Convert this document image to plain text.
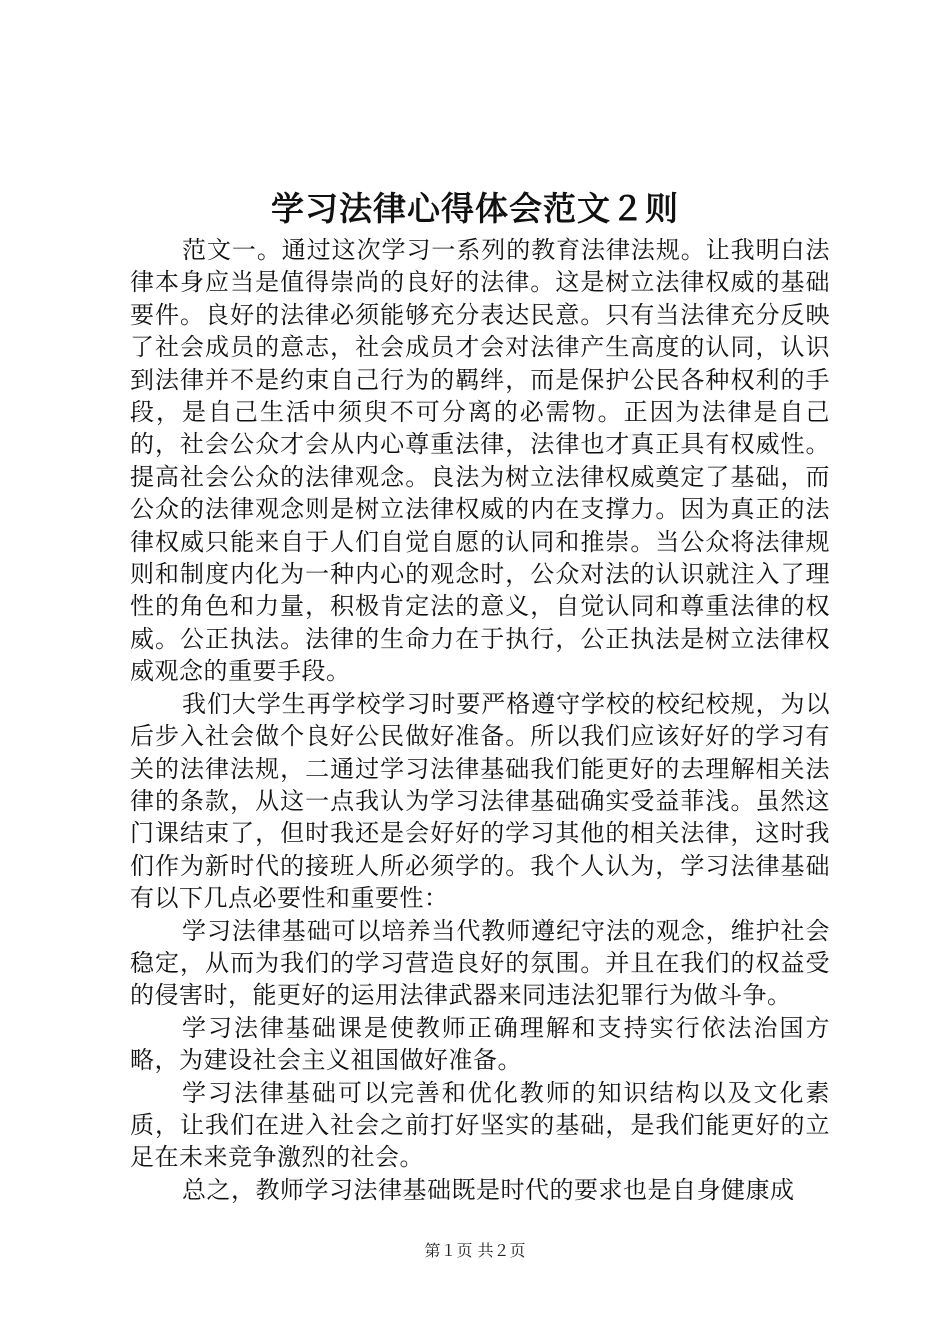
学习法律心得体会范文２则

范文一。通过这次学习一系列的教育法律法规。让我明白法律本身应当是值得崇尚的良好的法律。这是树立法律权威的基础要件。良好的法律必须能够充分表达民意。只有当法律充分反映了社会成员的意志，社会成员才会对法律产生高度的认同，认识到法律并不是约束自己行为的羁绊，而是保护公民各种权利的手段，是自己生活中须臾不可分离的必需物。正因为法律是自己的，社会公众才会从内心尊重法律，法律也才真正具有权威性。提高社会公众的法律观念。良法为树立法律权威奠定了基础，而公众的法律观念则是树立法律权威的内在支撑力。因为真正的法律权威只能来自于人们自觉自愿的认同和推崇。当公众将法律规则和制度内化为一种内心的观念时，公众对法的认识就注入了理性的角色和力量，积极肯定法的意义，自觉认同和尊重法律的权威。公正执法。法律的生命力在于执行，公正执法是树立法律权威观念的重要手段。

我们大学生再学校学习时要严格遵守学校的校纪校规，为以后步入社会做个良好公民做好准备。所以我们应该好好的学习有关的法律法规，二通过学习法律基础我们能更好的去理解相关法律的条款，从这一点我认为学习法律基础确实受益菲浅。虽然这门课结束了，但时我还是会好好的学习其他的相关法律，这时我们作为新时代的接班人所必须学的。我个人认为，学习法律基础有以下几点必要性和重要性：

学习法律基础可以培养当代教师遵纪守法的观念，维护社会稳定，从而为我们的学习营造良好的氛围。并且在我们的权益受的侵害时，能更好的运用法律武器来同违法犯罪行为做斗争。

学习法律基础课是使教师正确理解和支持实行依法治国方略，为建设社会主义祖国做好准备。

学习法律基础可以完善和优化教师的知识结构以及文化素质，让我们在进入社会之前打好坚实的基础，是我们能更好的立足在未来竞争激烈的社会。

总之，教师学习法律基础既是时代的要求也是自身健康成

第１页 共２页
